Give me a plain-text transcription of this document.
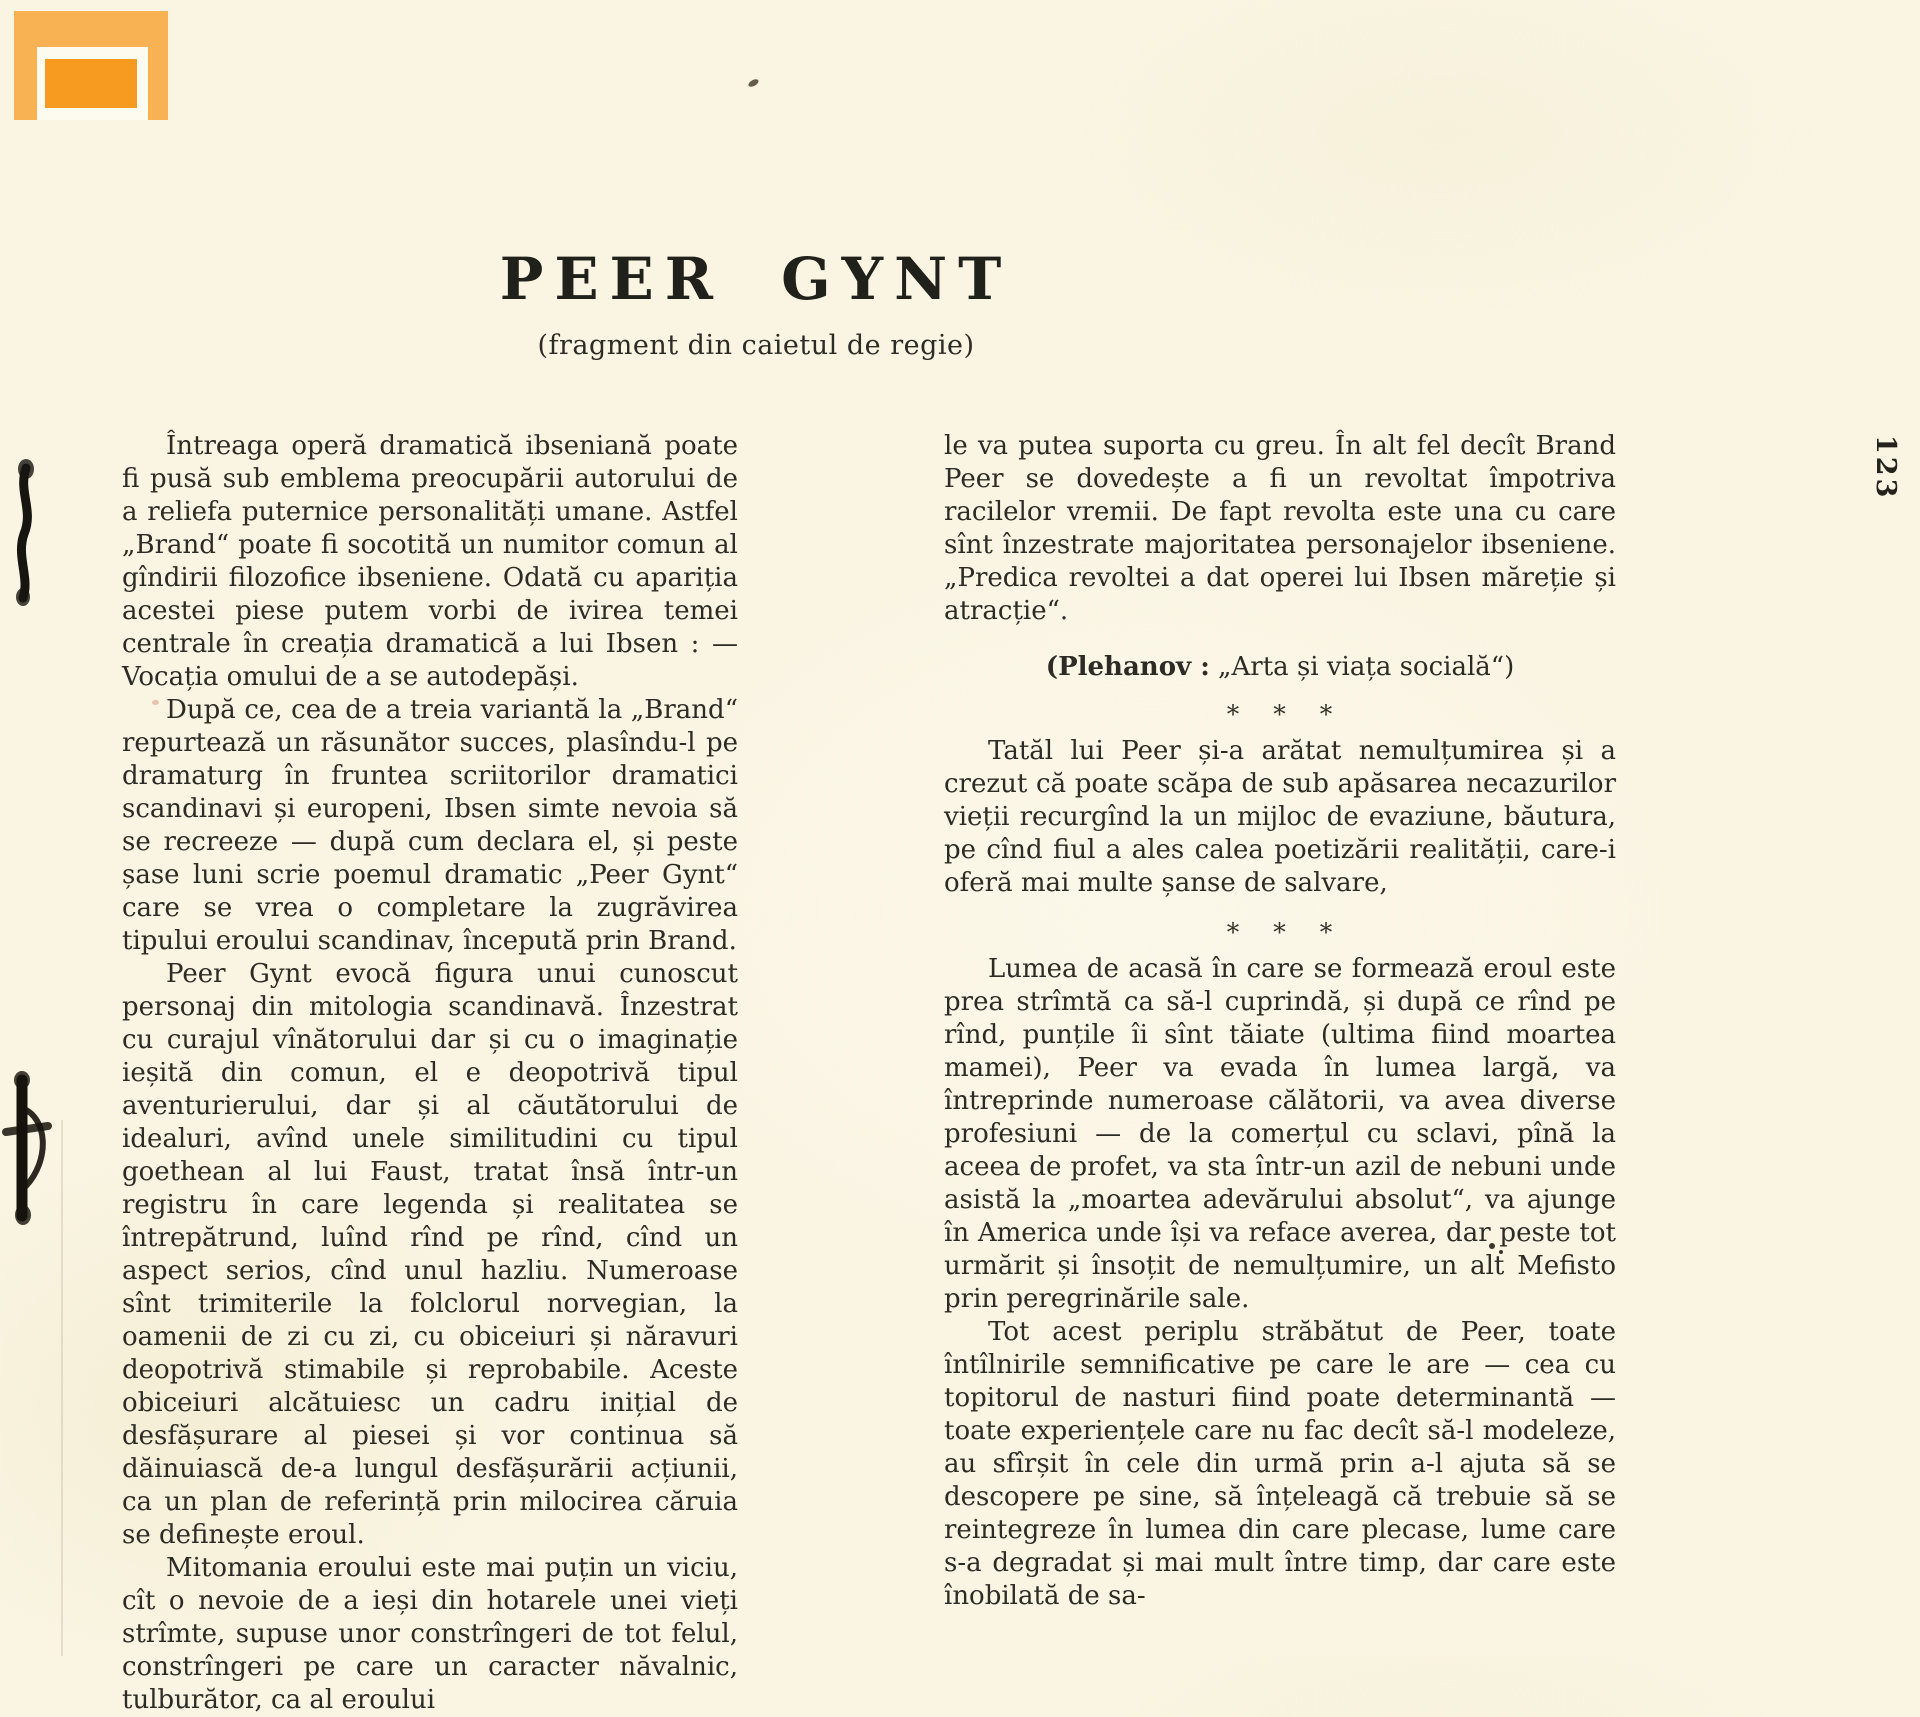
PEER GYNT
(fragment din caietul de regie)
123

Întreaga operă dramatică ibseniană poate fi pusă sub emblema preocupării autorului de a reliefa puternice personalități umane. Astfel „Brand“ poate fi socotită un numitor comun al gîndirii filozofice ibseniene. Odată cu apariția acestei piese putem vorbi de ivirea temei centrale în creația dramatică a lui Ibsen : — Vocația omului de a se autodepăși.

După ce, cea de a treia variantă la „Brand“ repurtează un răsunător succes, plasîndu-l pe dramaturg în fruntea scriitorilor dramatici scandinavi și europeni, Ibsen simte nevoia să se recreeze — după cum declara el, și peste șase luni scrie poemul dramatic „Peer Gynt“ care se vrea o completare la zugrăvirea tipului eroului scandinav, începută prin Brand.

Peer Gynt evocă figura unui cunoscut personaj din mitologia scandinavă. Înzestrat cu curajul vînătorului dar și cu o imaginație ieșită din comun, el e deopotrivă tipul aventurierului, dar și al căutătorului de idealuri, avînd unele similitudini cu tipul goethean al lui Faust, tratat însă într-un registru în care legenda și realitatea se întrepătrund, luînd rînd pe rînd, cînd un aspect serios, cînd unul hazliu. Numeroase sînt trimiterile la folclorul norvegian, la oamenii de zi cu zi, cu obiceiuri și năravuri deopotrivă stimabile și reprobabile. Aceste obiceiuri alcătuiesc un cadru inițial de desfășurare al piesei și vor continua să dăinuiască de-a lungul desfășurării acțiunii, ca un plan de referință prin milocirea căruia se definește eroul.

Mitomania eroului este mai puțin un viciu, cît o nevoie de a ieși din hotarele unei vieți strîmte, supuse unor constrîngeri de tot felul, constrîngeri pe care un caracter năvalnic, tulburător, ca al eroului

le va putea suporta cu greu. În alt fel decît Brand Peer se dovedește a fi un revoltat împotriva racilelor vremii. De fapt revolta este una cu care sînt înzestrate majoritatea personajelor ibseniene. „Predica revoltei a dat operei lui Ibsen măreție și atracție“.

(Plehanov : „Arta și viața socială“)
* * *

Tatăl lui Peer și-a arătat nemulțumirea și a crezut că poate scăpa de sub apăsarea necazurilor vieții recurgînd la un mijloc de evaziune, băutura, pe cînd fiul a ales calea poetizării realității, care-i oferă mai multe șanse de salvare,

* * *

Lumea de acasă în care se formează eroul este prea strîmtă ca să-l cuprindă, și după ce rînd pe rînd, punțile îi sînt tăiate (ultima fiind moartea mamei), Peer va evada în lumea largă, va întreprinde numeroase călătorii, va avea diverse profesiuni — de la comerțul cu sclavi, pînă la aceea de profet, va sta într-un azil de nebuni unde asistă la „moartea adevărului absolut“, va ajunge în America unde își va reface averea, dar peste tot urmărit și însoțit de nemulțumire, un alt Mefisto prin peregrinările sale.

Tot acest periplu străbătut de Peer, toate întîlnirile semnificative pe care le are — cea cu topitorul de nasturi fiind poate determinantă — toate experiențele care nu fac decît să-l modeleze, au sfîrșit în cele din urmă prin a-l ajuta să se descopere pe sine, să înțeleagă că trebuie să se reintegreze în lumea din care plecase, lume care s-a degradat și mai mult între timp, dar care este înobilată de sa-
